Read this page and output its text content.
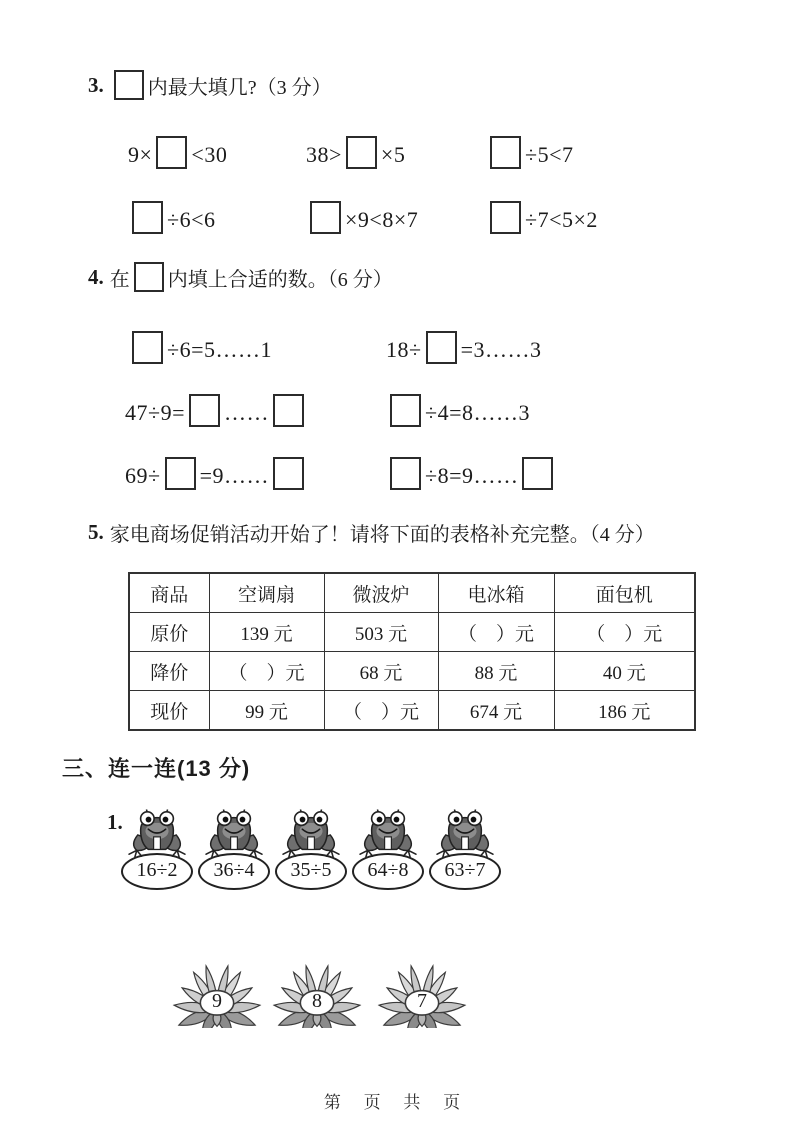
3.	内最大填几?（3 分）
9× <30	38> ×5	÷5<7
÷6<6	×9<8×7	÷7<5×2
4. 在 内填上合适的数。（6 分）
÷6=5……1	18÷ =3……3
47÷9= ……	÷4=8……3
69÷ =9……	÷8=9……
5. 家电商场促销活动开始了！请将下面的表格补充完整。（4 分）
商品	空调扇	微波炉	电冰箱	面包机
原价	139 元	503 元	（　）元	（　）元
降价	（　）元	68 元	88 元	40 元
现价	99 元	（　）元	674 元	186 元
三、连一连(13 分)
1.
16÷2	36÷4	35÷5	64÷8	63÷7
9	8	7
第 页 共 页
